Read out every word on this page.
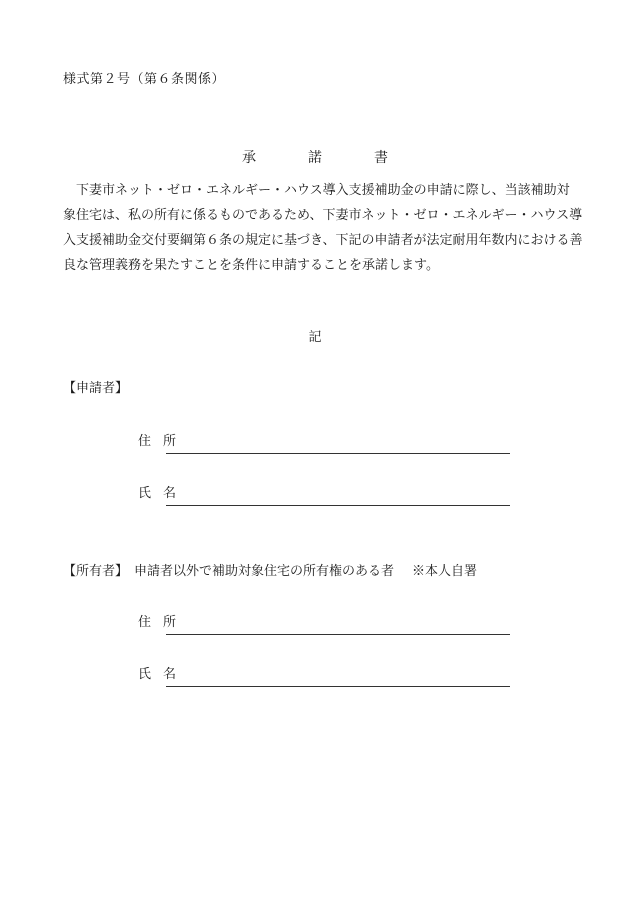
様式第２号（第６条関係）
承　諾　書

　下妻市ネット・ゼロ・エネルギー・ハウス導入支援補助金の申請に際し、当該補助対

象住宅は、私の所有に係るものであるため、下妻市ネット・ゼロ・エネルギー・ハウス導

入支援補助金交付要綱第６条の規定に基づき、下記の申請者が法定耐用年数内における善

良な管理義務を果たすことを条件に申請することを承諾します。

記
【申請者】
住所
氏名
【所有者】 申請者以外で補助対象住宅の所有権のある者 ※本人自署
住所
氏名
